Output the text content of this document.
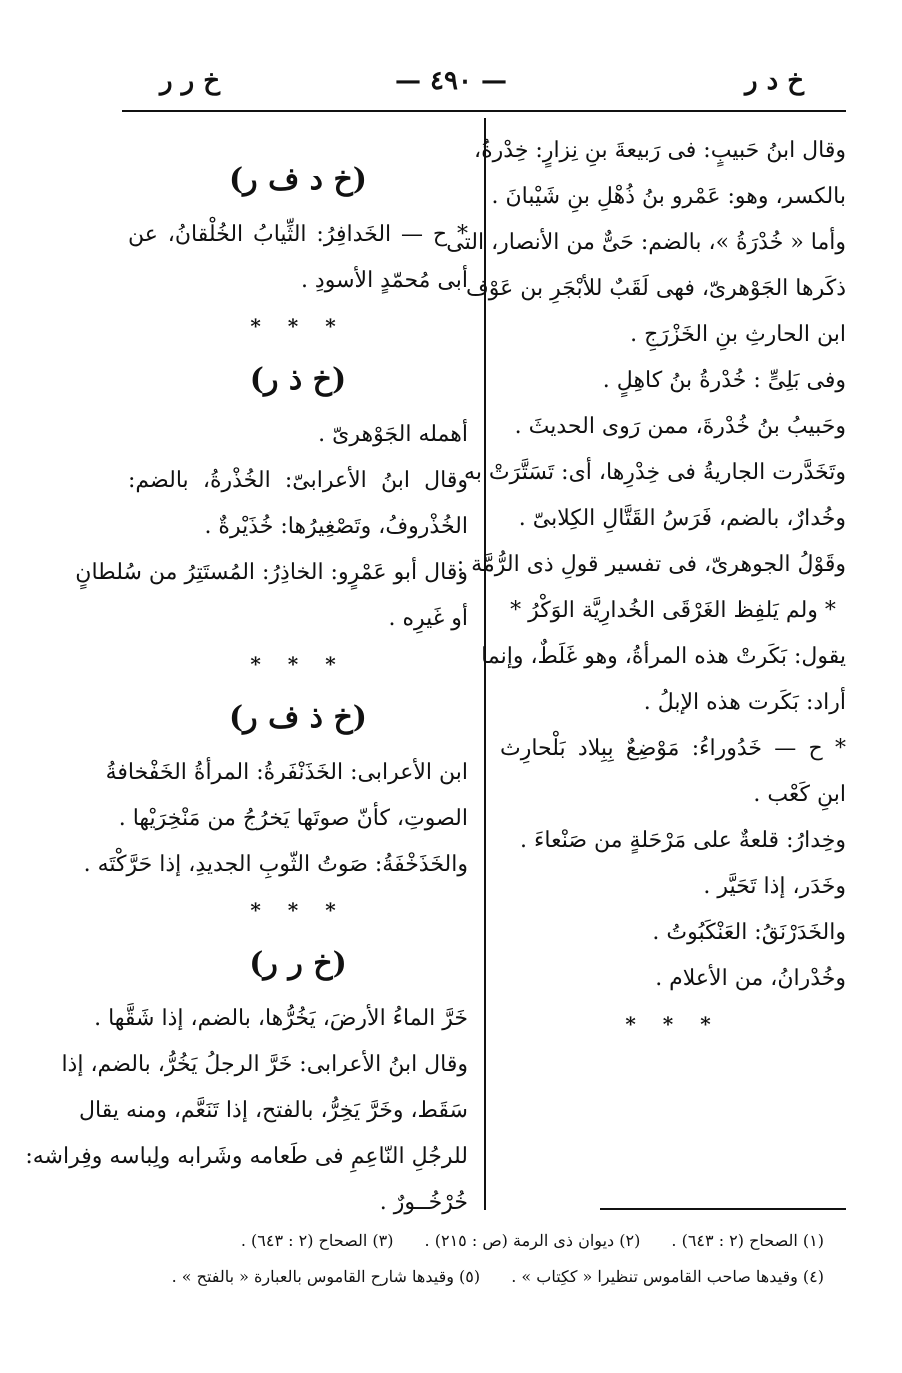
— ٤٩٠ —	خ د ر
خ ر ر
وقال ابنُ حَبيبٍ: فى رَبيعةَ بنِ نِزارٍ: خِدْرةُ،
بالكسر، وهو: عَمْرو بنُ ذُهْلِ بنِ شَيْبانَ .
وأما « خُدْرَةُ »، بالضم: حَىٌّ من الأنصار، التى
ذكَرها الجَوْهرىّ، فهى لَقَبٌ للأبْجَرِ بن عَوْف
ابن الحارثِ بنِ الخَزْرَجِ .
وفى بَلِىٍّ : خُدْرةُ بنُ كاهِلٍ .
وحَبيبُ بنُ خُدْرةَ، ممن رَوى الحديثَ .
وتَخَدَّرت الجاريةُ فى خِدْرِها، أى: تَسَتَّرَتْ به .
وخُدارٌ، بالضم، فَرَسُ القَتَّالِ الكِلابىّ .
وقَوْلُ الجوهرىّ، فى تفسير قولِ ذى الرُّمَّة :
* ولم يَلفِظ الغَرْقَى الخُدارِيَّة الوَكْرُ *
يقول: بَكَرتْ هذه المرأةُ، وهو غَلَطٌ، وإنما
أراد: بَكَرت هذه الإبلُ .
* ح — خَدُوراءُ: مَوْضِعٌ بِبِلاد بَلْحارِث
ابنِ كَعْب .
وخِدارُ: قلعةٌ على مَرْحَلةٍ من صَنْعاءَ .
وخَدَر، إذا تَحَيَّر .
والخَدَرْنَقُ: العَنْكَبُوتُ .
وخُدْرانُ، من الأعلام .
* * *
(خ د ف ر)
* ح — الخَدافِرُ: الثِّيابُ الخُلْقانُ، عن
أبى مُحمّدٍ الأسودِ .
* * *
(خ ذ ر)
أهمله الجَوْهرىّ .
وقال ابنُ الأعرابىّ: الخُذْرةُ، بالضم:
الخُذْروفُ، وتَصْغِيرُها: خُذَيْرةٌ .
وقال أبو عَمْرٍو: الخاذِرُ: المُستَتِرُ من سُلطانٍ
أو غَيرِه .
* * *
(خ ذ ف ر)
ابن الأعرابى: الخَذَنْفَرةُ: المرأةُ الخَفْخافةُ
الصوتِ، كأنّ صوتَها يَخرُجُ من مَنْخِرَيْها .
والخَذَخْفَةُ: صَوتُ الثّوبِ الجديدِ، إذا حَرَّكْتَه .
* * *
(خ ر ر)
خَرَّ الماءُ الأرضَ، يَخُرُّها، بالضم، إذا شَقَّها .
وقال ابنُ الأعرابى: خَرَّ الرجلُ يَخُرُّ، بالضم، إذا
سَقَط، وخَرَّ يَخِرُّ، بالفتح، إذا تَنَعَّم، ومنه يقال
للرجُلِ النّاعِمِ فى طَعامه وشَرابه ولِباسه وفِراشه:
خُرْخُــورٌ .
(١) الصحاح (٢ : ٦٤٣) . (٢) ديوان ذى الرمة (ص : ٢١٥) . (٣) الصحاح (٢ : ٦٤٣) .
(٤) وقيدها صاحب القاموس تنظيرا « ككِتاب » . (٥) وقيدها شارح القاموس بالعبارة « بالفتح » .
